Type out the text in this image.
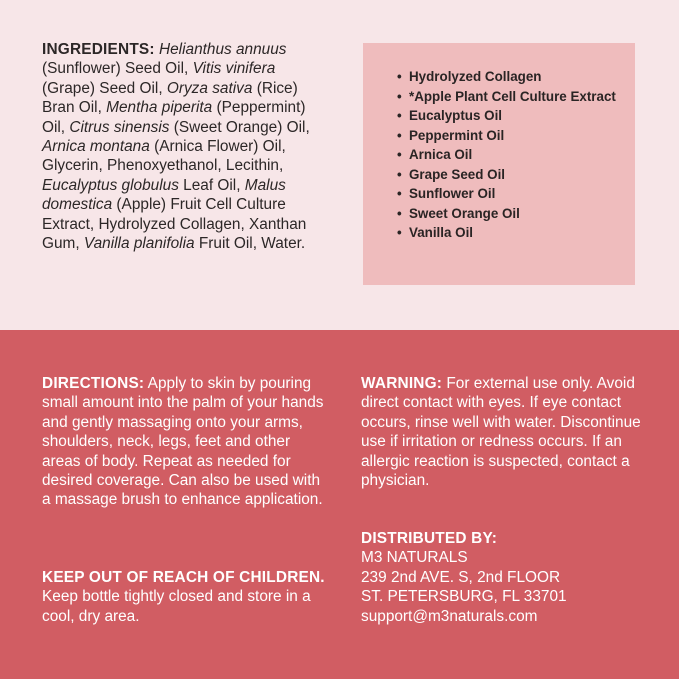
INGREDIENTS: Helianthus annuus (Sunflower) Seed Oil, Vitis vinifera (Grape) Seed Oil, Oryza sativa (Rice) Bran Oil, Mentha piperita (Peppermint) Oil, Citrus sinensis (Sweet Orange) Oil, Arnica montana (Arnica Flower) Oil, Glycerin, Phenoxyethanol, Lecithin, Eucalyptus globulus Leaf Oil, Malus domestica (Apple) Fruit Cell Culture Extract, Hydrolyzed Collagen, Xanthan Gum, Vanilla planifolia Fruit Oil, Water.
• Hydrolyzed Collagen
• *Apple Plant Cell Culture Extract
• Eucalyptus Oil
• Peppermint Oil
• Arnica Oil
• Grape Seed Oil
• Sunflower Oil
• Sweet Orange Oil
• Vanilla Oil
DIRECTIONS: Apply to skin by pouring small amount into the palm of your hands and gently massaging onto your arms, shoulders, neck, legs, feet and other areas of body. Repeat as needed for desired coverage. Can also be used with a massage brush to enhance application.
KEEP OUT OF REACH OF CHILDREN. Keep bottle tightly closed and store in a cool, dry area.
WARNING: For external use only. Avoid direct contact with eyes. If eye contact occurs, rinse well with water. Discontinue use if irritation or redness occurs. If an allergic reaction is suspected, contact a physician.
DISTRIBUTED BY:
M3 NATURALS
239 2nd AVE. S, 2nd FLOOR
ST. PETERSBURG, FL 33701
support@m3naturals.com
